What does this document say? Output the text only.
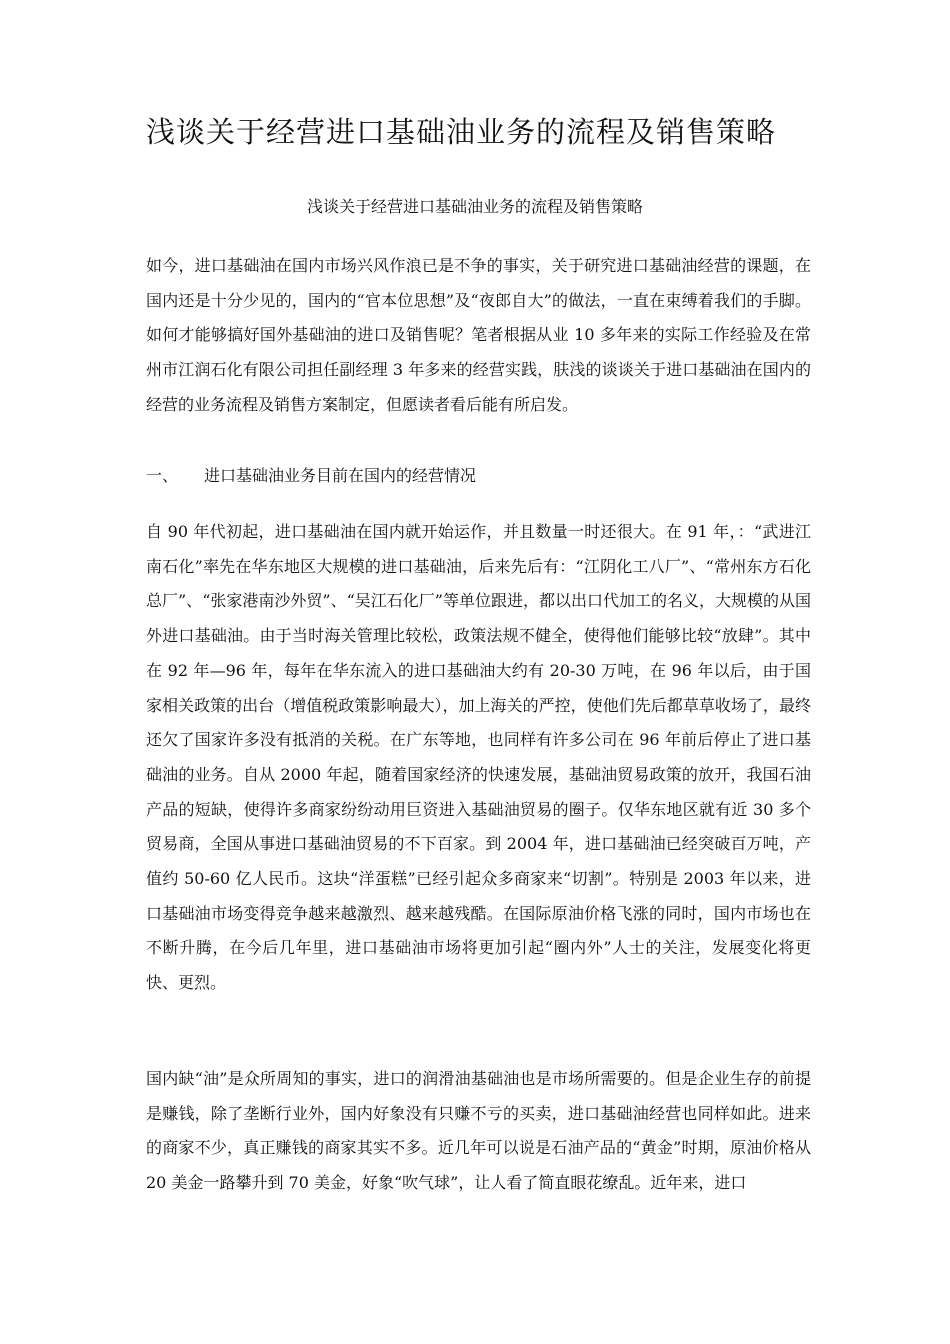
浅谈关于经营进口基础油业务的流程及销售策略

浅谈关于经营进口基础油业务的流程及销售策略

如今，进口基础油在国内市场兴风作浪已是不争的事实，关于研究进口基础油经营的课题，在国内还是十分少见的，国内的“官本位思想”及“夜郎自大”的做法，一直在束缚着我们的手脚。如何才能够搞好国外基础油的进口及销售呢？笔者根据从业 10 多年来的实际工作经验及在常州市江润石化有限公司担任副经理 3 年多来的经营实践，肤浅的谈谈关于进口基础油在国内的经营的业务流程及销售方案制定，但愿读者看后能有所启发。

一、 进口基础油业务目前在国内的经营情况

自 90 年代初起，进口基础油在国内就开始运作，并且数量一时还很大。在 91 年，：“武进江南石化”率先在华东地区大规模的进口基础油，后来先后有：“江阴化工八厂”、“常州东方石化总厂”、“张家港南沙外贸”、“吴江石化厂”等单位跟进，都以出口代加工的名义，大规模的从国外进口基础油。由于当时海关管理比较松，政策法规不健全，使得他们能够比较“放肆”。其中在 92 年—96 年，每年在华东流入的进口基础油大约有 20-30 万吨，在 96 年以后，由于国家相关政策的出台（增值税政策影响最大），加上海关的严控，使他们先后都草草收场了，最终还欠了国家许多没有抵消的关税。在广东等地，也同样有许多公司在 96 年前后停止了进口基础油的业务。自从 2000 年起，随着国家经济的快速发展，基础油贸易政策的放开，我国石油产品的短缺，使得许多商家纷纷动用巨资进入基础油贸易的圈子。仅华东地区就有近 30 多个贸易商，全国从事进口基础油贸易的不下百家。到 2004 年，进口基础油已经突破百万吨，产值约 50-60 亿人民币。这块“洋蛋糕”已经引起众多商家来“切割”。特别是 2003 年以来，进口基础油市场变得竞争越来越激烈、越来越残酷。在国际原油价格飞涨的同时，国内市场也在不断升腾，在今后几年里，进口基础油市场将更加引起“圈内外”人士的关注，发展变化将更快、更烈。

国内缺“油”是众所周知的事实，进口的润滑油基础油也是市场所需要的。但是企业生存的前提是赚钱，除了垄断行业外，国内好象没有只赚不亏的买卖，进口基础油经营也同样如此。进来的商家不少，真正赚钱的商家其实不多。近几年可以说是石油产品的“黄金”时期，原油价格从 20 美金一路攀升到 70 美金，好象“吹气球”，让人看了简直眼花缭乱。近年来，进口
